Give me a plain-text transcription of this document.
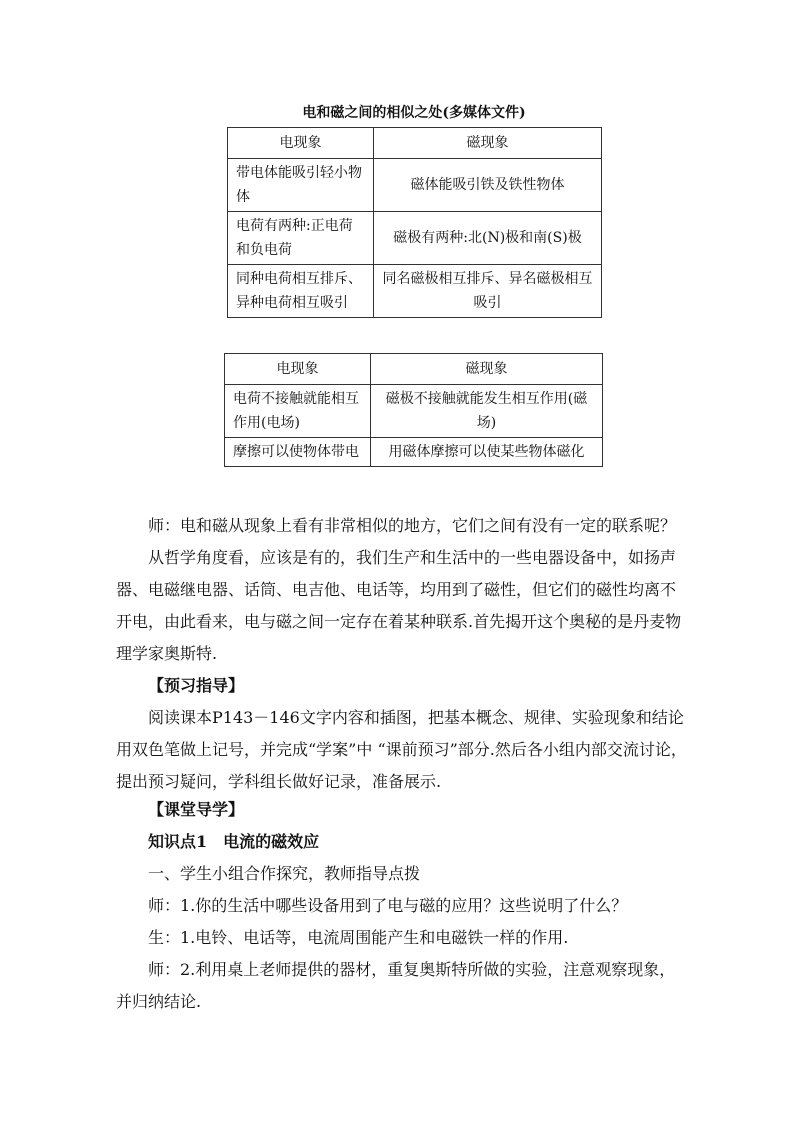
电和磁之间的相似之处(多媒体文件)
电现象	磁现象
带电体能吸引轻小物体	磁体能吸引铁及铁性物体
电荷有两种:正电荷和负电荷	磁极有两种:北(N)极和南(S)极
同种电荷相互排斥、异种电荷相互吸引	同名磁极相互排斥、异名磁极相互吸引
电现象	磁现象
电荷不接触就能相互作用(电场)	磁极不接触就能发生相互作用(磁场)
摩擦可以使物体带电	用磁体摩擦可以使某些物体磁化
师：电和磁从现象上看有非常相似的地方，它们之间有没有一定的联系呢？
从哲学角度看，应该是有的，我们生产和生活中的一些电器设备中，如扬声器、电磁继电器、话筒、电吉他、电话等，均用到了磁性，但它们的磁性均离不开电，由此看来，电与磁之间一定存在着某种联系.首先揭开这个奥秘的是丹麦物理学家奥斯特.
【预习指导】
阅读课本P143－146文字内容和插图，把基本概念、规律、实验现象和结论用双色笔做上记号，并完成“学案”中 “课前预习”部分.然后各小组内部交流讨论，提出预习疑问，学科组长做好记录，准备展示.
【课堂导学】
知识点1　电流的磁效应
一、学生小组合作探究，教师指导点拨
师：1.你的生活中哪些设备用到了电与磁的应用？这些说明了什么？
生：1.电铃、电话等，电流周围能产生和电磁铁一样的作用.
师：2.利用桌上老师提供的器材，重复奥斯特所做的实验，注意观察现象，并归纳结论.
